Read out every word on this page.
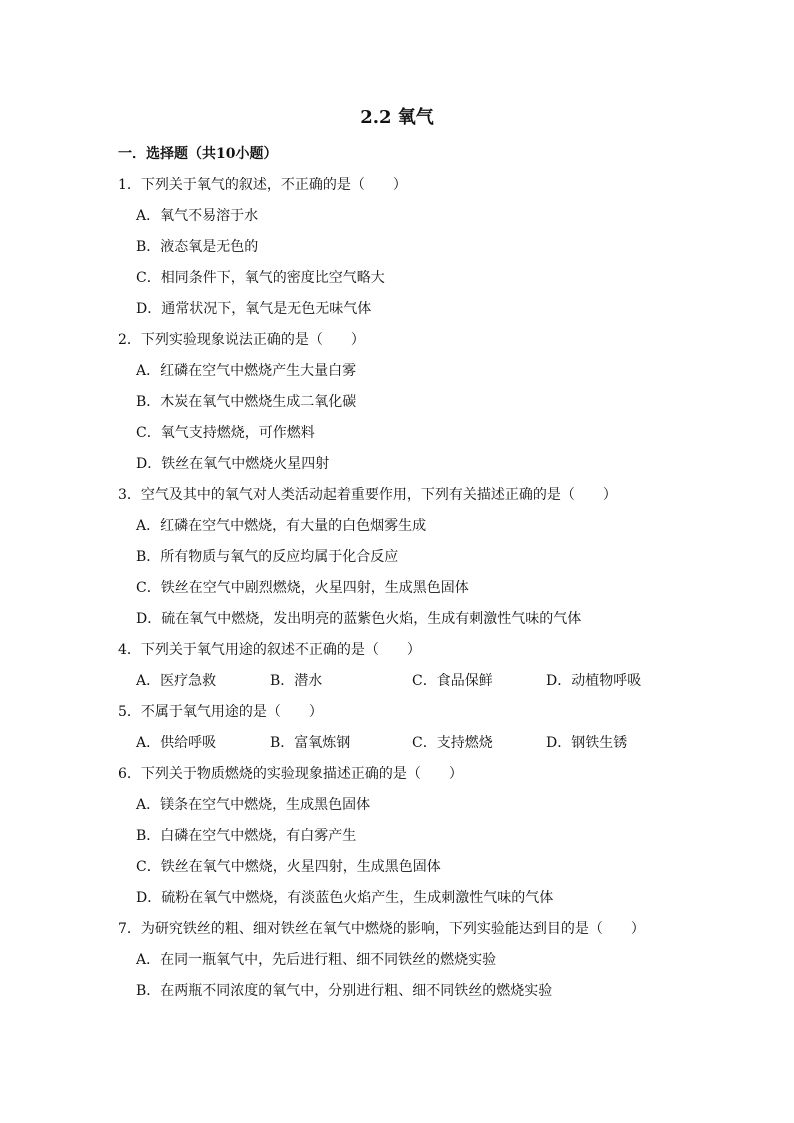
2.2 氧气
一．选择题（共10小题）
1．下列关于氧气的叙述，不正确的是（　　）
A．氧气不易溶于水
B．液态氧是无色的
C．相同条件下，氧气的密度比空气略大
D．通常状况下，氧气是无色无味气体
2．下列实验现象说法正确的是（　　）
A．红磷在空气中燃烧产生大量白雾
B．木炭在氧气中燃烧生成二氧化碳
C．氧气支持燃烧，可作燃料
D．铁丝在氧气中燃烧火星四射
3．空气及其中的氧气对人类活动起着重要作用，下列有关描述正确的是（　　）
A．红磷在空气中燃烧，有大量的白色烟雾生成
B．所有物质与氧气的反应均属于化合反应
C．铁丝在空气中剧烈燃烧，火星四射，生成黑色固体
D．硫在氧气中燃烧，发出明亮的蓝紫色火焰，生成有刺激性气味的气体
4．下列关于氧气用途的叙述不正确的是（　　）
A．医疗急救	B．潜水	C．食品保鲜	D．动植物呼吸
5．不属于氧气用途的是（　　）
A．供给呼吸	B．富氧炼钢	C．支持燃烧	D．钢铁生锈
6．下列关于物质燃烧的实验现象描述正确的是（　　）
A．镁条在空气中燃烧，生成黑色固体
B．白磷在空气中燃烧，有白雾产生
C．铁丝在氧气中燃烧，火星四射，生成黑色固体
D．硫粉在氧气中燃烧，有淡蓝色火焰产生，生成刺激性气味的气体
7．为研究铁丝的粗、细对铁丝在氧气中燃烧的影响，下列实验能达到目的是（　　）
A．在同一瓶氧气中，先后进行粗、细不同铁丝的燃烧实验
B．在两瓶不同浓度的氧气中，分别进行粗、细不同铁丝的燃烧实验
